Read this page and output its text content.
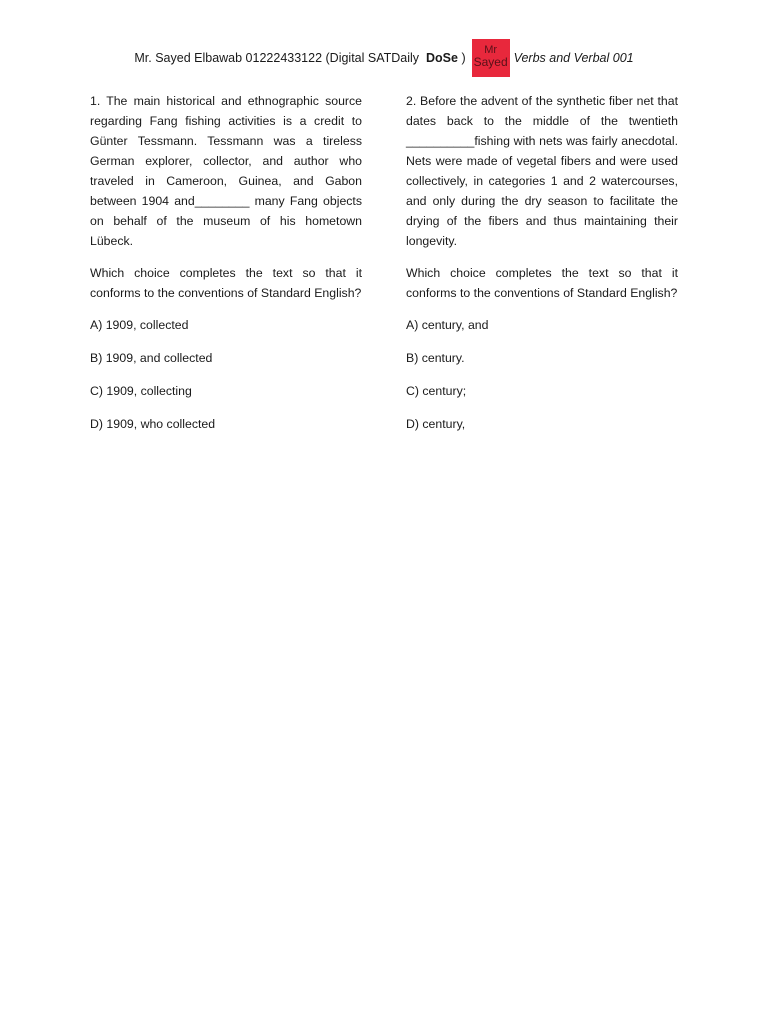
Mr. Sayed Elbawab 01222433122 (Digital SATDaily
DoSe
)
Mr
Sayed Verbs and Verbal 001

1. The main historical and ethnographic source regarding Fang fishing activities is a credit to Günter Tessmann. Tessmann was a tireless German explorer, collector, and author who traveled in Cameroon, Guinea, and Gabon between 1904 and________ many Fang objects on behalf of the museum of his hometown Lübeck.

Which choice completes the text so that it conforms to the conventions of Standard English?

A) 1909, collected
B) 1909, and collected
C) 1909, collecting
D) 1909, who collected

2. Before the advent of the synthetic fiber net that dates back to the middle of the twentieth __________fishing with nets was fairly anecdotal. Nets were made of vegetal fibers and were used collectively, in categories 1 and 2 watercourses, and only during the dry season to facilitate the drying of the fibers and thus maintaining their longevity.

Which choice completes the text so that it conforms to the conventions of Standard English?

A) century, and
B) century.
C) century;
D) century,
